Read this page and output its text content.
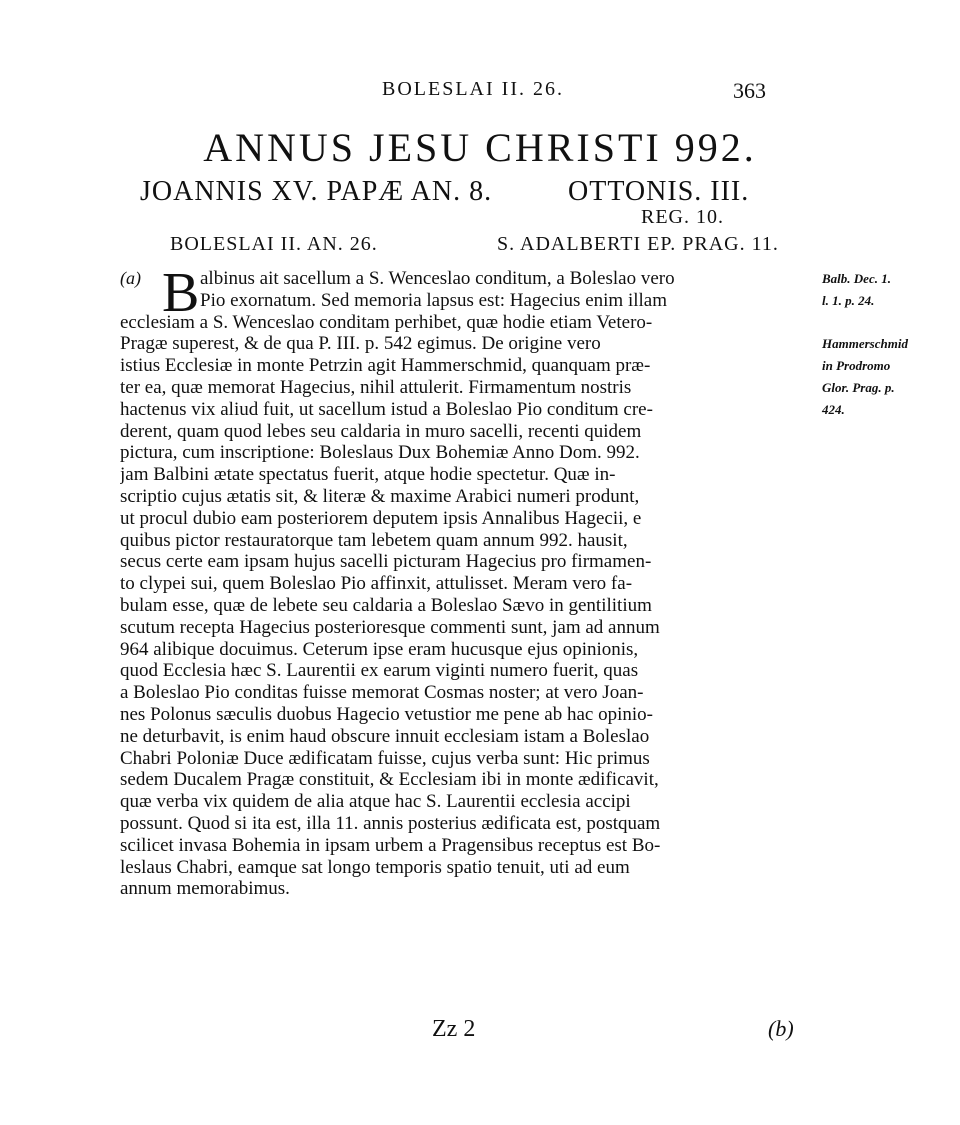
BOLESLAI II. 26.	363
ANNUS JESU CHRISTI 992.
JOANNIS XV. PAPÆ AN. 8.	OTTONIS. III.
REG. 10.
BOLESLAI II. AN. 26.	S. ADALBERTI EP. PRAG. 11.
(a) B albinus ait sacellum a S. Wenceslao conditum, a Boleslao vero
Pio exornatum. Sed memoria lapsus est: Hagecius enim illam
ecclesiam a S. Wenceslao conditam perhibet, quæ hodie etiam Vetero-
Pragæ superest, & de qua P. III. p. 542 egimus. De origine vero
istius Ecclesiæ in monte Petrzin agit Hammerschmid, quanquam præ-
ter ea, quæ memorat Hagecius, nihil attulerit. Firmamentum nostris
hactenus vix aliud fuit, ut sacellum istud a Boleslao Pio conditum cre-
derent, quam quod lebes seu caldaria in muro sacelli, recenti quidem
pictura, cum inscriptione: Boleslaus Dux Bohemiæ Anno Dom. 992.
jam Balbini ætate spectatus fuerit, atque hodie spectetur. Quæ in-
scriptio cujus ætatis sit, & literæ & maxime Arabici numeri produnt,
ut procul dubio eam posteriorem deputem ipsis Annalibus Hagecii, e
quibus pictor restauratorque tam lebetem quam annum 992. hausit,
secus certe eam ipsam hujus sacelli picturam Hagecius pro firmamen-
to clypei sui, quem Boleslao Pio affinxit, attulisset. Meram vero fa-
bulam esse, quæ de lebete seu caldaria a Boleslao Sævo in gentilitium
scutum recepta Hagecius posterioresque commenti sunt, jam ad annum
964 alibique docuimus. Ceterum ipse eram hucusque ejus opinionis,
quod Ecclesia hæc S. Laurentii ex earum viginti numero fuerit, quas
a Boleslao Pio conditas fuisse memorat Cosmas noster; at vero Joan-
nes Polonus sæculis duobus Hagecio vetustior me pene ab hac opinio-
ne deturbavit, is enim haud obscure innuit ecclesiam istam a Boleslao
Chabri Poloniæ Duce ædificatam fuisse, cujus verba sunt: Hic primus
sedem Ducalem Pragæ constituit, & Ecclesiam ibi in monte ædificavit,
quæ verba vix quidem de alia atque hac S. Laurentii ecclesia accipi
possunt. Quod si ita est, illa 11. annis posterius ædificata est, postquam
scilicet invasa Bohemia in ipsam urbem a Pragensibus receptus est Bo-
leslaus Chabri, eamque sat longo temporis spatio tenuit, uti ad eum
annum memorabimus.
Balb. Dec. 1.
l. 1. p. 24.
Hammerschmid
in Prodromo
Glor. Prag. p.
424.
Zz 2	(b)
